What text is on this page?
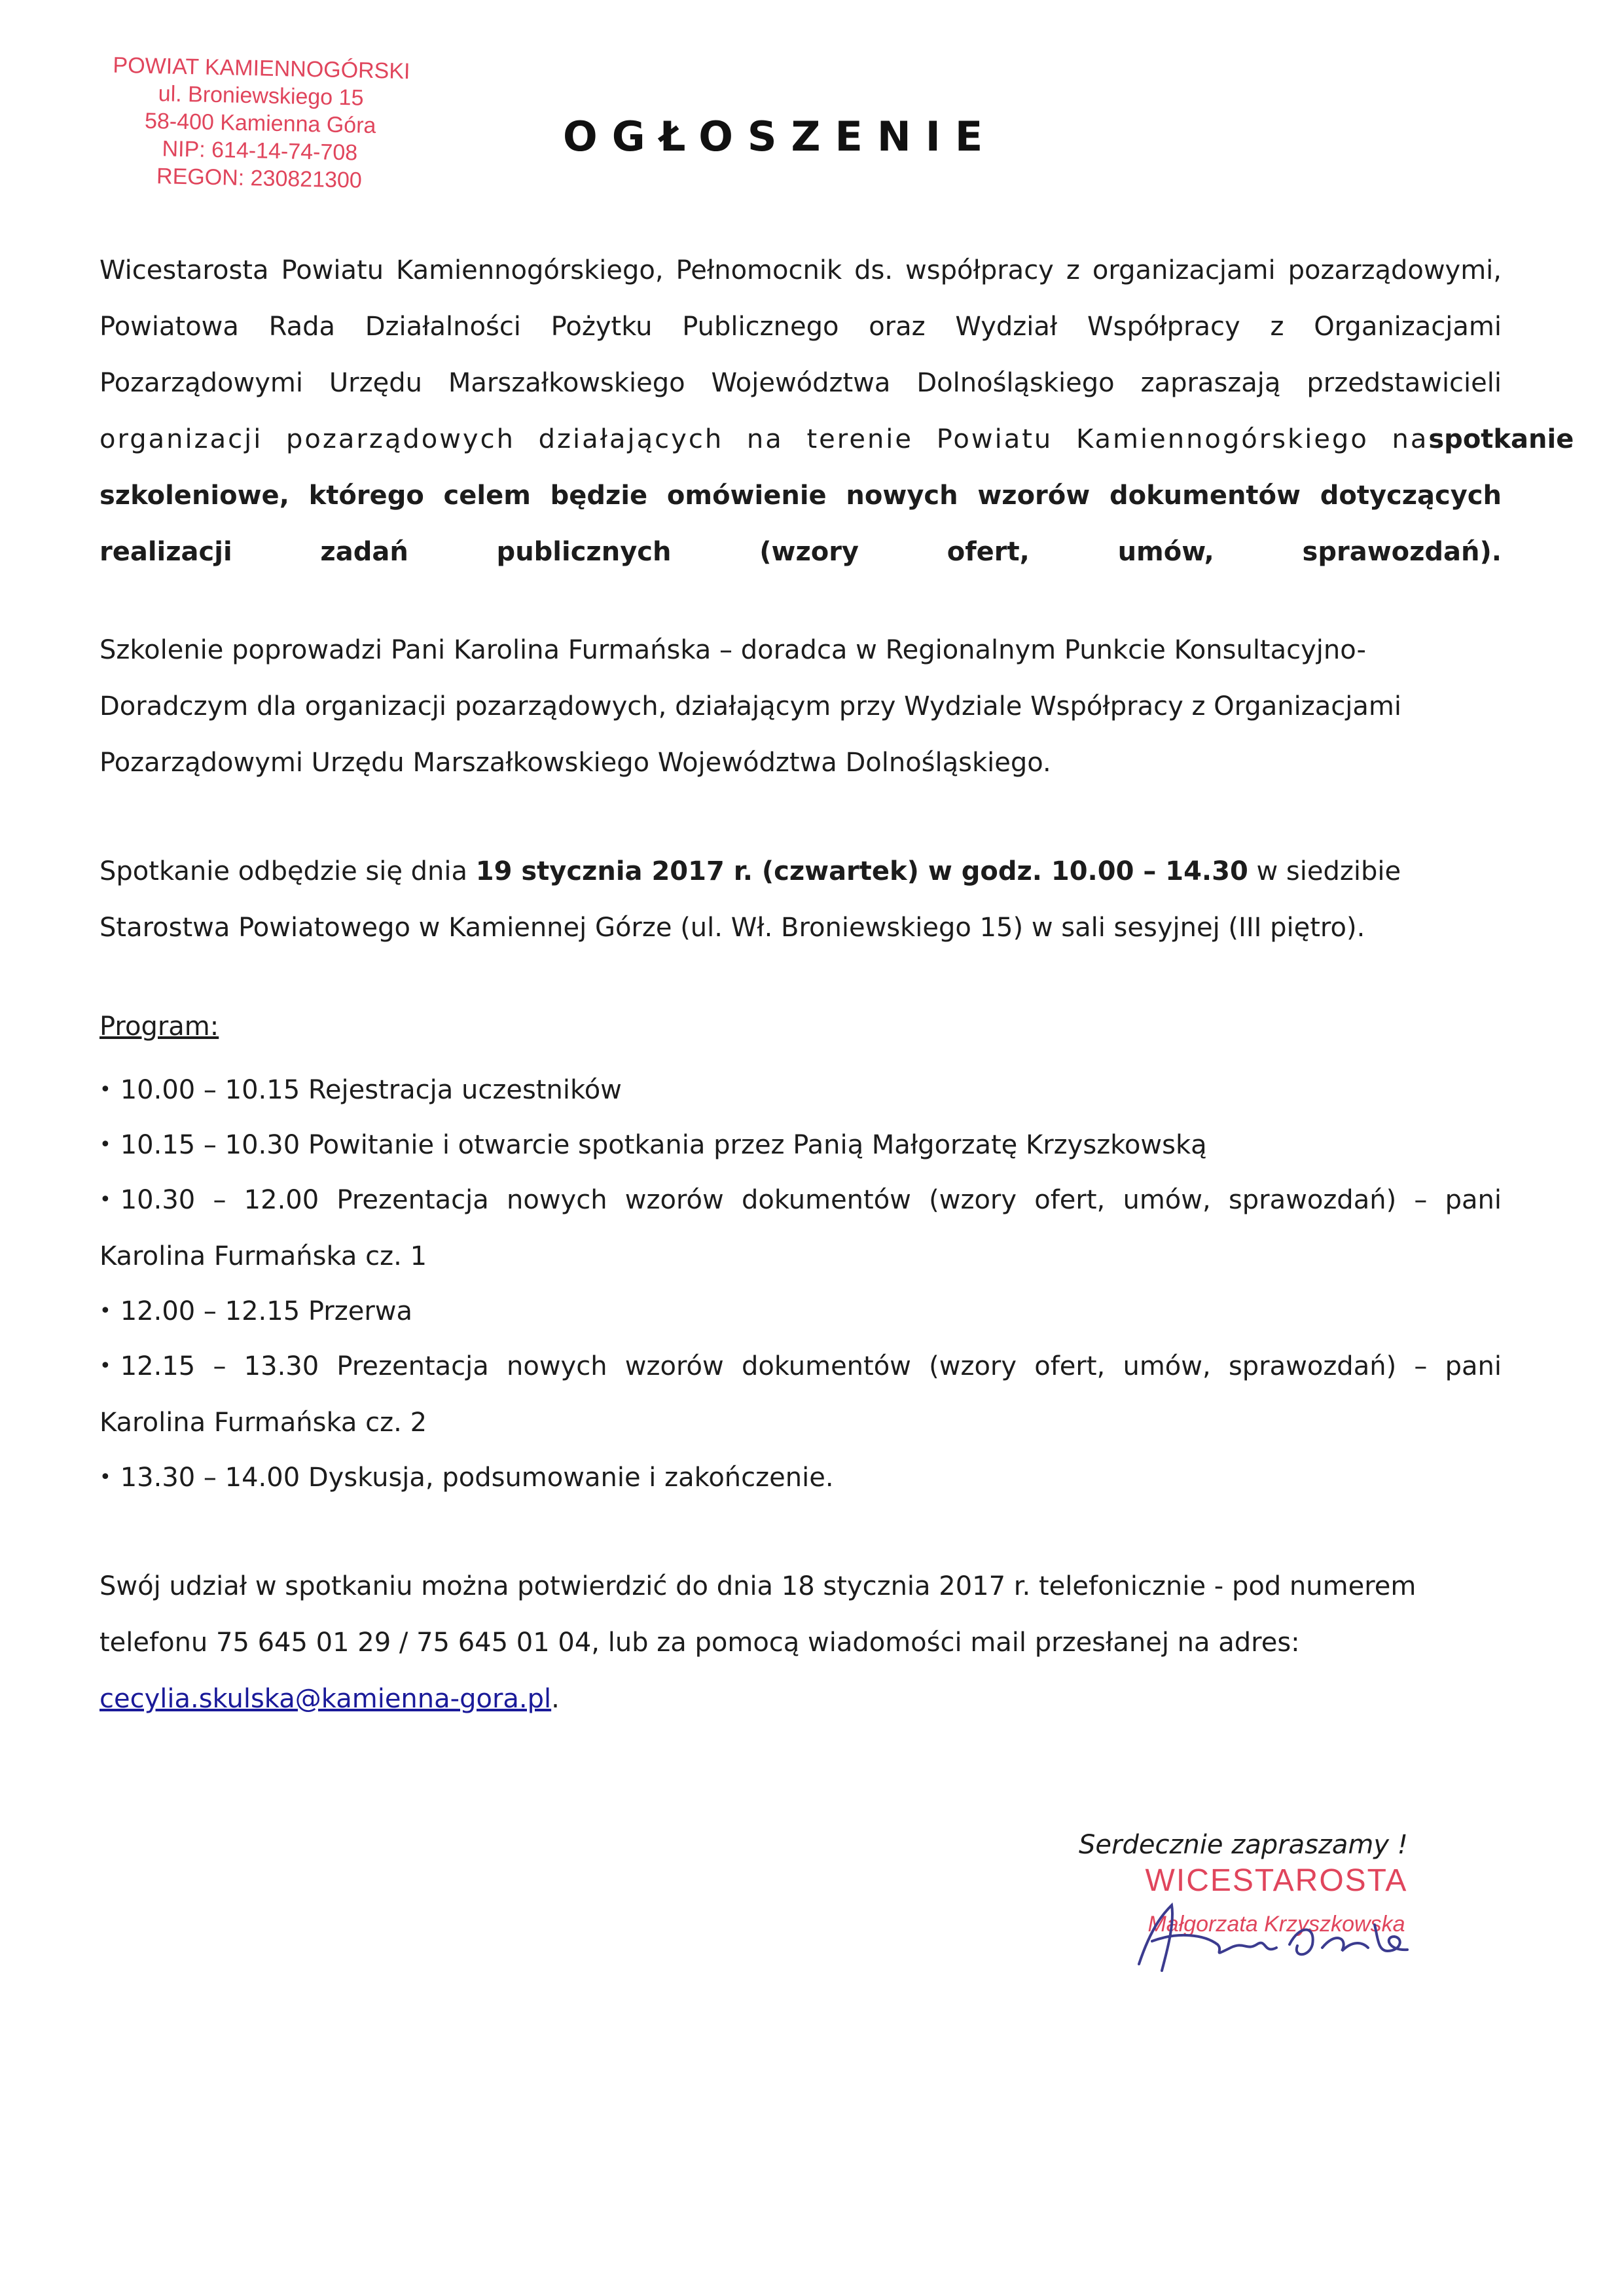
POWIAT KAMIENNOGÓRSKI
ul. Broniewskiego 15
58-400 Kamienna Góra
NIP: 614-14-74-708
REGON: 230821300
OGŁOSZENIE
Wicestarosta Powiatu Kamiennogórskiego, Pełnomocnik ds. współpracy z organizacjami pozarządowymi,
Powiatowa Rada Działalności Pożytku Publicznego oraz Wydział Współpracy z Organizacjami
Pozarządowymi Urzędu Marszałkowskiego Województwa Dolnośląskiego zapraszają przedstawicieli
organizacji pozarządowych działających na terenie Powiatu Kamiennogórskiego na spotkanie
szkoleniowe, którego celem będzie omówienie nowych wzorów dokumentów dotyczących
realizacji zadań publicznych (wzory ofert, umów, sprawozdań).
Szkolenie poprowadzi Pani Karolina Furmańska – doradca w Regionalnym Punkcie Konsultacyjno-
Doradczym dla organizacji pozarządowych, działającym przy Wydziale Współpracy z Organizacjami
Pozarządowymi Urzędu Marszałkowskiego Województwa Dolnośląskiego.
Spotkanie odbędzie się dnia 19 stycznia 2017 r. (czwartek) w godz. 10.00 – 14.30 w siedzibie
Starostwa Powiatowego w Kamiennej Górze (ul. Wł. Broniewskiego 15) w sali sesyjnej (III piętro).
Program:
• 10.00 – 10.15 Rejestracja uczestników
• 10.15 – 10.30 Powitanie i otwarcie spotkania przez Panią Małgorzatę Krzyszkowską
• 10.30 – 12.00 Prezentacja nowych wzorów dokumentów (wzory ofert, umów, sprawozdań) – pani Karolina Furmańska cz. 1
• 12.00 – 12.15 Przerwa
• 12.15 – 13.30 Prezentacja nowych wzorów dokumentów (wzory ofert, umów, sprawozdań) – pani Karolina Furmańska cz. 2
• 13.30 – 14.00 Dyskusja, podsumowanie i zakończenie.
Swój udział w spotkaniu można potwierdzić do dnia 18 stycznia 2017 r. telefonicznie - pod numerem
telefonu 75 645 01 29 / 75 645 01 04, lub za pomocą wiadomości mail przesłanej na adres:
cecylia.skulska@kamienna-gora.pl.
Serdecznie zapraszamy !
WICESTAROSTA
Małgorzata Krzyszkowska
